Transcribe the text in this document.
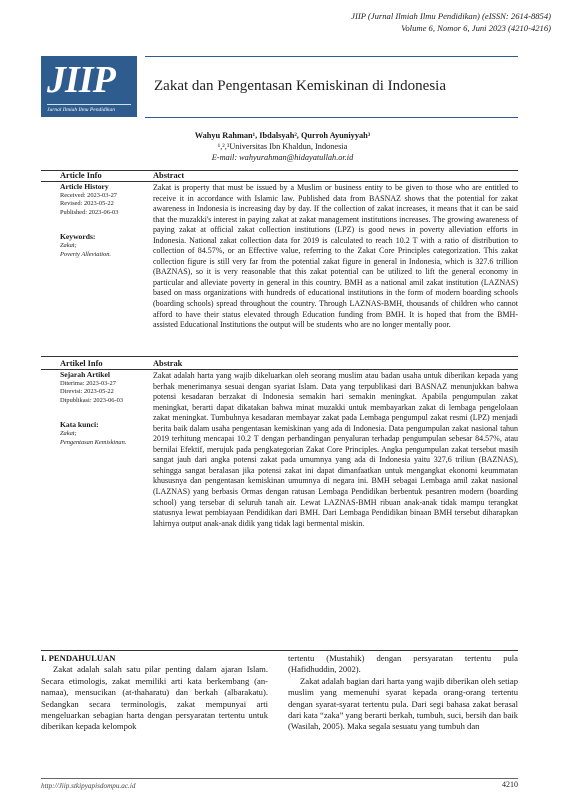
JIIP (Jurnal Ilmiah Ilmu Pendidikan) (eISSN: 2614-8854)
Volume 6, Nomor 6, Juni 2023 (4210-4216)
JIIP
Jurnal Ilmiah Ilmu Pendidikan
Zakat dan Pengentasan Kemiskinan di Indonesia
Wahyu Rahman¹, Ibdalsyah², Qurroh Ayuniyyah³
¹,²,³Universitas Ibn Khaldun, Indonesia
E-mail: wahyurahman@hidayatullah.or.id
Article Info	Abstract
Article History
Received: 2023-03-27
Revised: 2023-05-22
Published: 2023-06-03
Keywords:
Zakat;
Poverty Alleviation.
Zakat is property that must be issued by a Muslim or business entity to be given to those who are entitled to receive it in accordance with Islamic law. Published data from BASNAZ shows that the potential for zakat awareness in Indonesia is increasing day by day. If the collection of zakat increases, it means that it can be said that the muzakki's interest in paying zakat at zakat management institutions increases. The growing awareness of paying zakat at official zakat collection institutions (LPZ) is good news in poverty alleviation efforts in Indonesia. National zakat collection data for 2019 is calculated to reach 10.2 T with a ratio of distribution to collection of 84.57%, or an Effective value, referring to the Zakat Core Principles categorization. This zakat collection figure is still very far from the potential zakat figure in general in Indonesia, which is 327.6 trillion (BAZNAS), so it is very reasonable that this zakat potential can be utilized to lift the general economy in particular and alleviate poverty in general in this country. BMH as a national amil zakat institution (LAZNAS) based on mass organizations with hundreds of educational institutions in the form of modern boarding schools (boarding schools) spread throughout the country. Through LAZNAS-BMH, thousands of children who cannot afford to have their status elevated through Education funding from BMH. It is hoped that from the BMH-assisted Educational Institutions the output will be students who are no longer mentally poor.
Artikel Info	Abstrak
Sejarah Artikel
Diterima: 2023-03-27
Direvisi: 2023-05-22
Dipublikasi: 2023-06-03
Kata kunci:
Zakat;
Pengentasan Kemiskinan.
Zakat adalah harta yang wajib dikeluarkan oleh seorang muslim atau badan usaha untuk diberikan kepada yang berhak menerimanya sesuai dengan syariat Islam. Data yang terpublikasi dari BASNAZ menunjukkan bahwa potensi kesadaran berzakat di Indonesia semakin hari semakin meningkat. Apabila pengumpulan zakat meningkat, berarti dapat dikatakan bahwa minat muzakki untuk membayarkan zakat di lembaga pengelolaan zakat meningkat. Tumbuhnya kesadaran membayar zakat pada Lembaga pengumpul zakat resmi (LPZ) menjadi berita baik dalam usaha pengentasan kemiskinan yang ada di Indonesia. Data pengumpulan zakat nasional tahun 2019 terhitung mencapai 10.2 T dengan perbandingan penyaluran terhadap pengumpulan sebesar 84.57%, atau bernilai Efektif, merujuk pada pengkategorian Zakat Core Principles. Angka pengumpulan zakat tersebut masih sangat jauh dari angka potensi zakat pada umumnya yang ada di Indonesia yaitu 327,6 triliun (BAZNAS), sehingga sangat beralasan jika potensi zakat ini dapat dimanfaatkan untuk mengangkat ekonomi keummatan khususnya dan pengentasan kemiskinan umumnya di negara ini. BMH sebagai Lembaga amil zakat nasional (LAZNAS) yang berbasis Ormas dengan ratusan Lembaga Pendidikan berbentuk pesantren modern (boarding school) yang tersebar di seluruh tanah air. Lewat LAZNAS-BMH ribuan anak-anak tidak mampu terangkat statusnya lewat pembiayaan Pendidikan dari BMH. Dari Lembaga Pendidikan binaan BMH tersebut diharapkan lahirnya output anak-anak didik yang tidak lagi bermental miskin.
I. PENDAHULUAN

Zakat adalah salah satu pilar penting dalam ajaran Islam. Secara etimologis, zakat memiliki arti kata berkembang (an-namaa), mensucikan (at-thaharatu) dan berkah (albarakatu). Sedangkan secara terminologis, zakat mempunyai arti mengeluarkan sebagian harta dengan persyaratan tertentu untuk diberikan kepada kelompok

tertentu (Mustahik) dengan persyaratan tertentu pula (Hafidhuddin, 2002).

Zakat adalah bagian dari harta yang wajib diberikan oleh setiap muslim yang memenuhi syarat kepada orang-orang tertentu dengan syarat-syarat tertentu pula. Dari segi bahasa zakat berasal dari kata “zaka” yang berarti berkah, tumbuh, suci, bersih dan baik (Wasilah, 2005). Maka segala sesuatu yang tumbuh dan

http://Jiip.stkipyapisdompu.ac.id	4210
